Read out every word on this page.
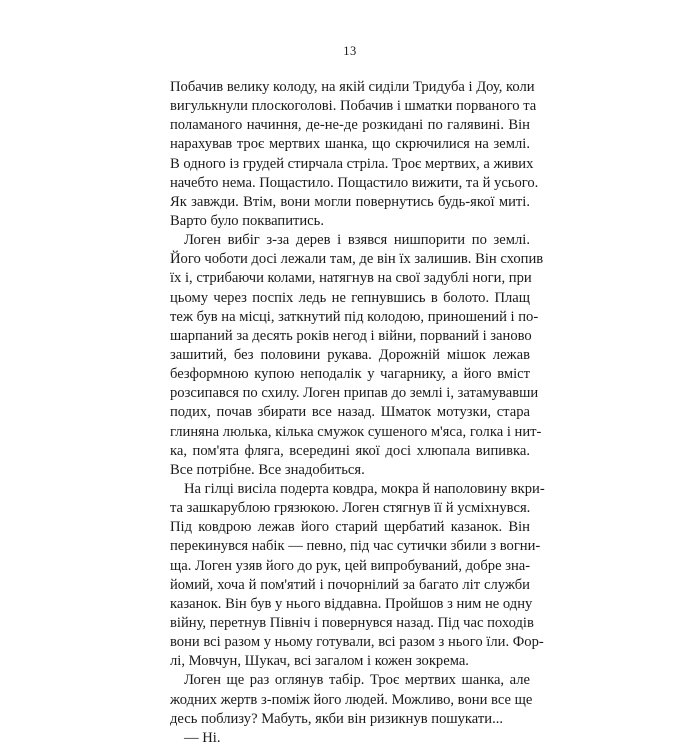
13
Побачив велику колоду, на якій сиділи Тридуба і Доу, коли
вигулькнули плоскоголові. Побачив і шматки порваного та
поламаного начиння, де-не-де розкидані по галявині. Він
нарахував троє мертвих шанка, що скрючилися на землі.
В одного із грудей стирчала стріла. Троє мертвих, а живих
начебто нема. Пощастило. Пощастило вижити, та й усього.
Як завжди. Втім, вони могли повернутись будь-якої миті.
Варто було поквапитись.
Логен вибіг з-за дерев і взявся нишпорити по землі.
Його чоботи досі лежали там, де він їх залишив. Він схопив
їх і, стрибаючи колами, натягнув на свої задублі ноги, при
цьому через поспіх ледь не гепнувшись в болото. Плащ
теж був на місці, заткнутий під колодою, приношений і по-
шарпаний за десять років негод і війни, порваний і заново
зашитий, без половини рукава. Дорожній мішок лежав
безформною купою неподалік у чагарнику, а його вміст
розсипався по схилу. Логен припав до землі і, затамувавши
подих, почав збирати все назад. Шматок мотузки, стара
глиняна люлька, кілька смужок сушеного м'яса, голка і нит-
ка, пом'ята фляга, всередині якої досі хлюпала випивка.
Все потрібне. Все знадобиться.
На гілці висіла подерта ковдра, мокра й наполовину вкри-
та зашкарублою грязюкою. Логен стягнув її й усміхнувся.
Під ковдрою лежав його старий щербатий казанок. Він
перекинувся набік — певно, під час сутички збили з вогни-
ща. Логен узяв його до рук, цей випробуваний, добре зна-
йомий, хоча й пом'ятий і почорнілий за багато літ служби
казанок. Він був у нього віддавна. Пройшов з ним не одну
війну, перетнув Північ і повернувся назад. Під час походів
вони всі разом у ньому готували, всі разом з нього їли. Фор-
лі, Мовчун, Шукач, всі загалом і кожен зокрема.
Логен ще раз оглянув табір. Троє мертвих шанка, але
жодних жертв з-поміж його людей. Можливо, вони все ще
десь поблизу? Мабуть, якби він ризикнув пошукати...
— Ні.
